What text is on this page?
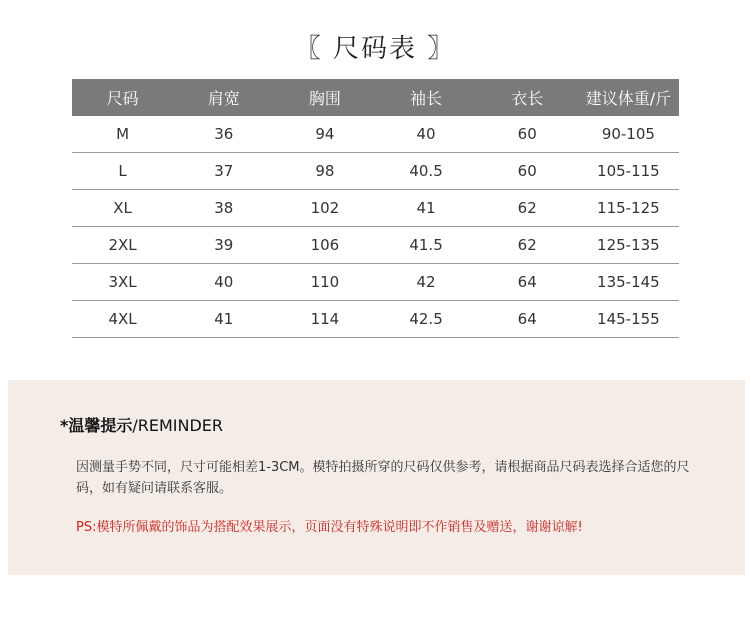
〖 尺码表 〗
尺码	肩宽	胸围	袖长	衣长	建议体重/斤
M	36	94	40	60	90-105
L	37	98	40.5	60	105-115
XL	38	102	41	62	115-125
2XL	39	106	41.5	62	125-135
3XL	40	110	42	64	135-145
4XL	41	114	42.5	64	145-155
*温馨提示/REMINDER
因测量手势不同，尺寸可能相差1-3CM。模特拍摄所穿的尺码仅供参考，请根据商品尺码表选择合适您的尺码，如有疑问请联系客服。
PS:模特所佩戴的饰品为搭配效果展示，页面没有特殊说明即不作销售及赠送，谢谢谅解!
